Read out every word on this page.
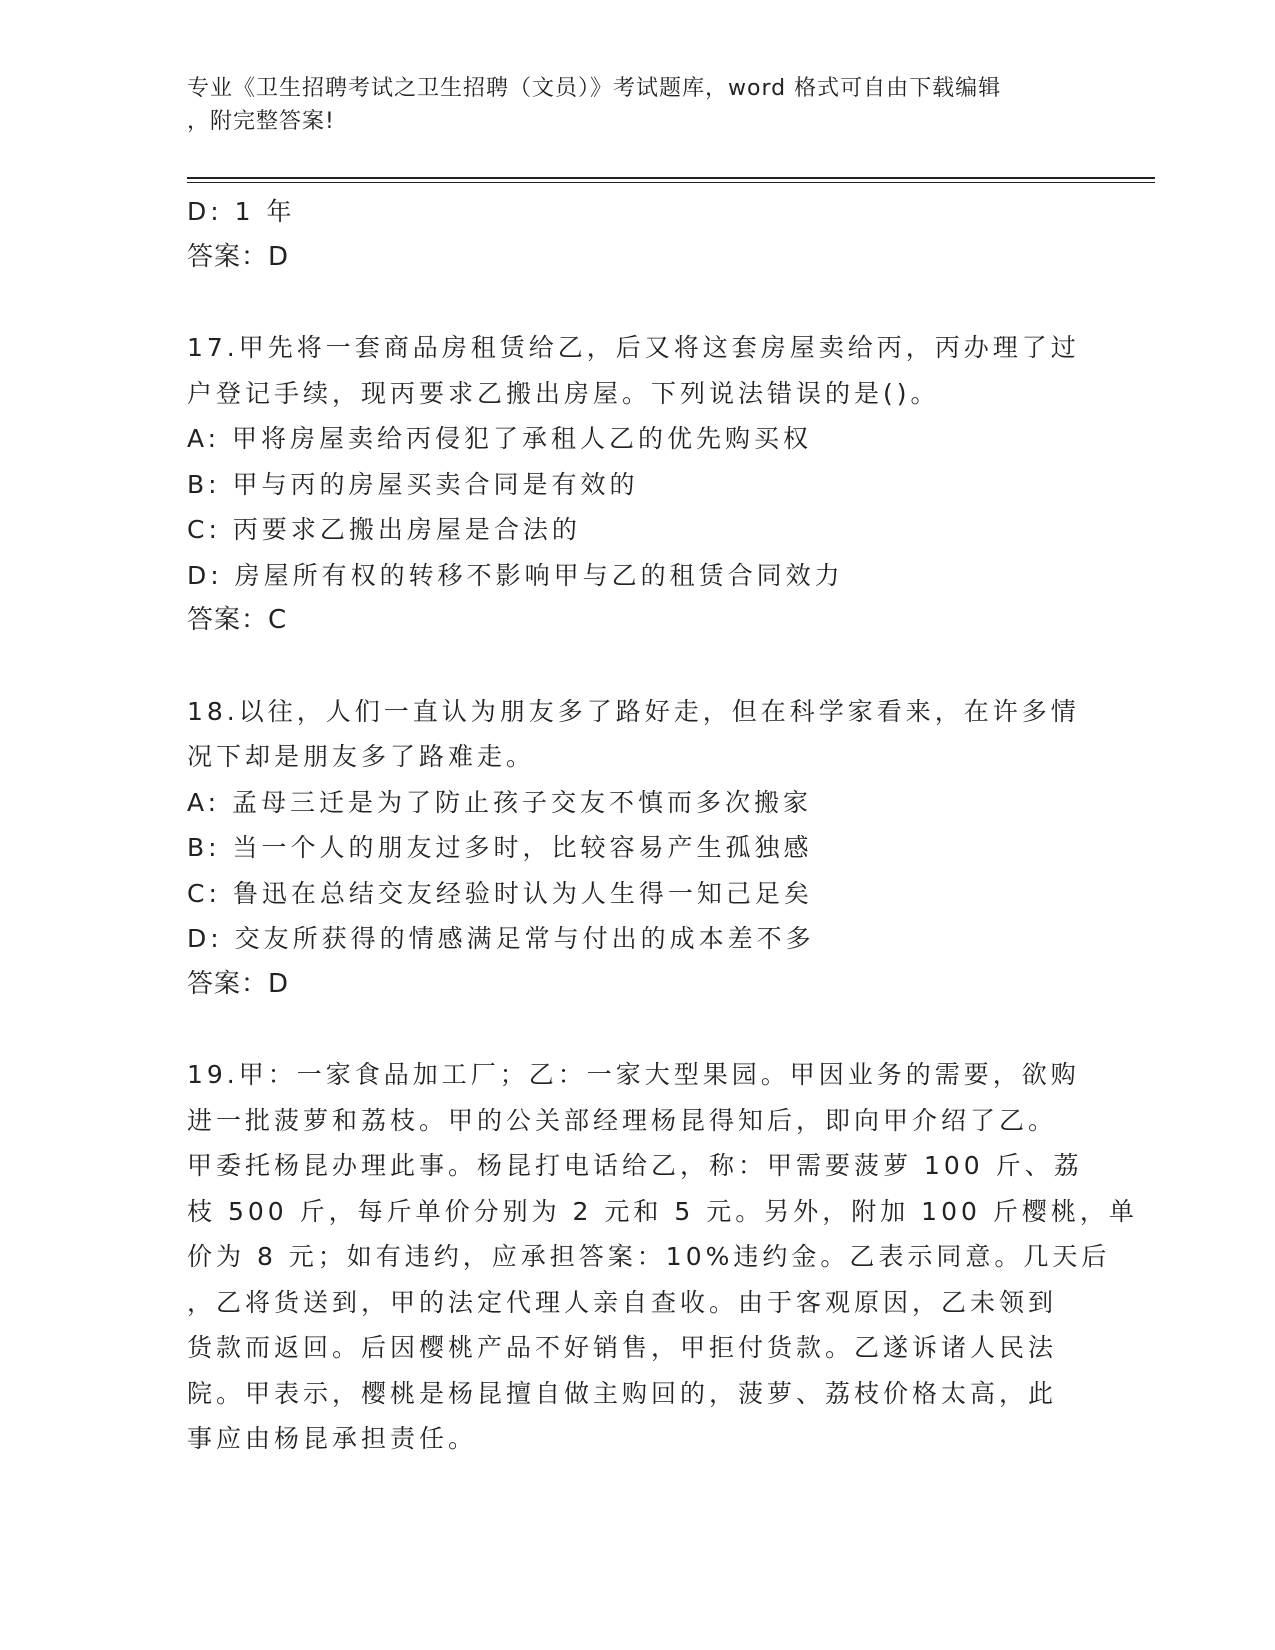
专业《卫生招聘考试之卫生招聘（文员）》考试题库，word 格式可自由下载编辑
，附完整答案!
D: 1 年
答案：D
17.甲先将一套商品房租赁给乙，后又将这套房屋卖给丙，丙办理了过
户登记手续，现丙要求乙搬出房屋。下列说法错误的是()。
A: 甲将房屋卖给丙侵犯了承租人乙的优先购买权
B: 甲与丙的房屋买卖合同是有效的
C: 丙要求乙搬出房屋是合法的
D: 房屋所有权的转移不影响甲与乙的租赁合同效力
答案：C
18.以往，人们一直认为朋友多了路好走，但在科学家看来，在许多情
况下却是朋友多了路难走。
A: 孟母三迁是为了防止孩子交友不慎而多次搬家
B: 当一个人的朋友过多时，比较容易产生孤独感
C: 鲁迅在总结交友经验时认为人生得一知己足矣
D: 交友所获得的情感满足常与付出的成本差不多
答案：D
19.甲：一家食品加工厂；乙：一家大型果园。甲因业务的需要，欲购
进一批菠萝和荔枝。甲的公关部经理杨昆得知后，即向甲介绍了乙。
甲委托杨昆办理此事。杨昆打电话给乙，称：甲需要菠萝 100 斤、荔
枝 500 斤，每斤单价分别为 2 元和 5 元。另外，附加 100 斤樱桃，单
价为 8 元；如有违约，应承担答案：10%违约金。乙表示同意。几天后
，乙将货送到，甲的法定代理人亲自查收。由于客观原因，乙未领到
货款而返回。后因樱桃产品不好销售，甲拒付货款。乙遂诉诸人民法
院。甲表示，樱桃是杨昆擅自做主购回的，菠萝、荔枝价格太高，此
事应由杨昆承担责任。
